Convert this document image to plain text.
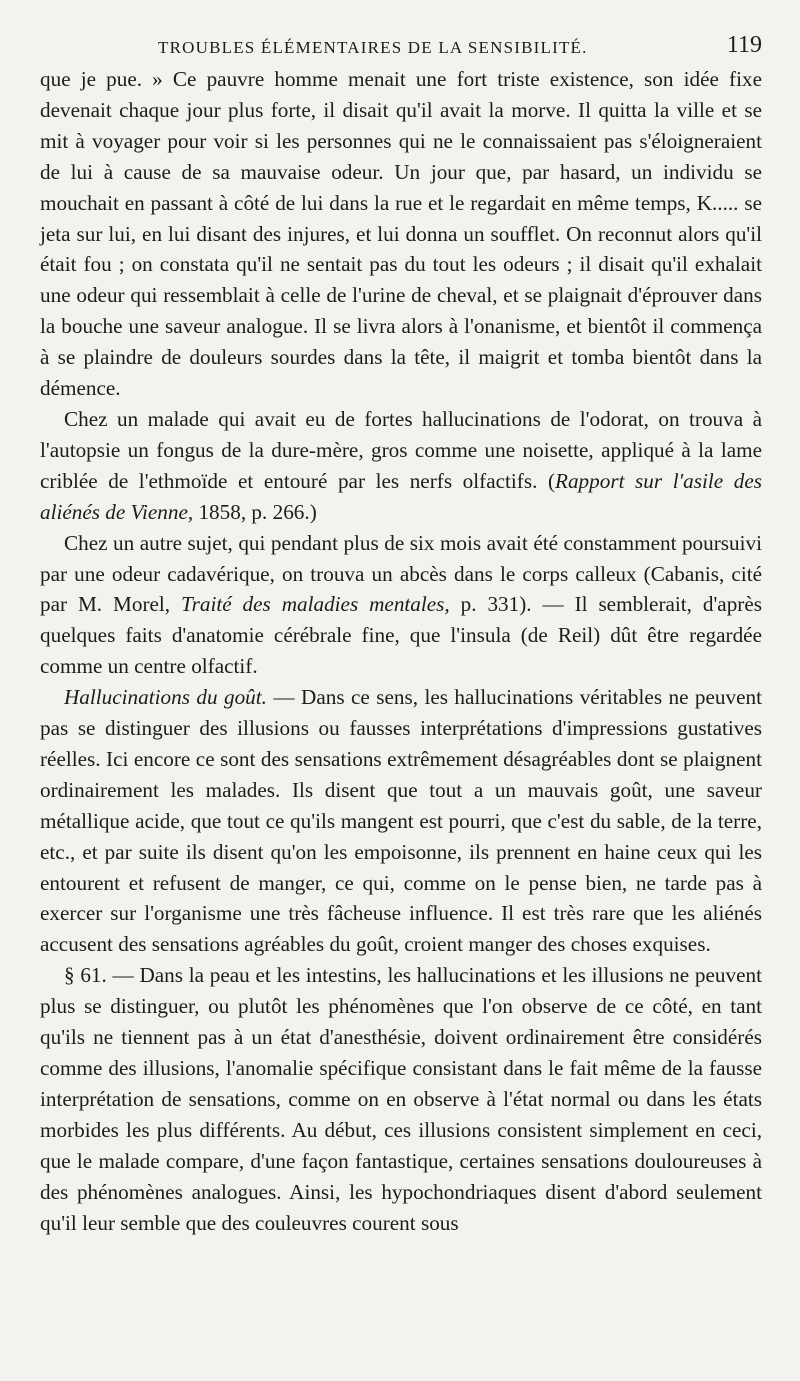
TROUBLES ÉLÉMENTAIRES DE LA SENSIBILITÉ.	119

que je pue. » Ce pauvre homme menait une fort triste existence, son idée fixe devenait chaque jour plus forte, il disait qu'il avait la morve. Il quitta la ville et se mit à voyager pour voir si les personnes qui ne le connaissaient pas s'éloigneraient de lui à cause de sa mauvaise odeur. Un jour que, par hasard, un individu se mouchait en passant à côté de lui dans la rue et le regardait en même temps, K..... se jeta sur lui, en lui disant des injures, et lui donna un soufflet. On reconnut alors qu'il était fou ; on constata qu'il ne sentait pas du tout les odeurs ; il disait qu'il exhalait une odeur qui ressemblait à celle de l'urine de cheval, et se plaignait d'éprouver dans la bouche une saveur analogue. Il se livra alors à l'onanisme, et bientôt il commença à se plaindre de douleurs sourdes dans la tête, il maigrit et tomba bientôt dans la démence.

Chez un malade qui avait eu de fortes hallucinations de l'odorat, on trouva à l'autopsie un fongus de la dure-mère, gros comme une noisette, appliqué à la lame criblée de l'ethmoïde et entouré par les nerfs olfactifs. (Rapport sur l'asile des aliénés de Vienne, 1858, p. 266.)

Chez un autre sujet, qui pendant plus de six mois avait été constamment poursuivi par une odeur cadavérique, on trouva un abcès dans le corps calleux (Cabanis, cité par M. Morel, Traité des maladies mentales, p. 331). — Il semblerait, d'après quelques faits d'anatomie cérébrale fine, que l'insula (de Reil) dût être regardée comme un centre olfactif.

Hallucinations du goût. — Dans ce sens, les hallucinations véritables ne peuvent pas se distinguer des illusions ou fausses interprétations d'impressions gustatives réelles. Ici encore ce sont des sensations extrêmement désagréables dont se plaignent ordinairement les malades. Ils disent que tout a un mauvais goût, une saveur métallique acide, que tout ce qu'ils mangent est pourri, que c'est du sable, de la terre, etc., et par suite ils disent qu'on les empoisonne, ils prennent en haine ceux qui les entourent et refusent de manger, ce qui, comme on le pense bien, ne tarde pas à exercer sur l'organisme une très fâcheuse influence. Il est très rare que les aliénés accusent des sensations agréables du goût, croient manger des choses exquises.

§ 61. — Dans la peau et les intestins, les hallucinations et les illusions ne peuvent plus se distinguer, ou plutôt les phénomènes que l'on observe de ce côté, en tant qu'ils ne tiennent pas à un état d'anesthésie, doivent ordinairement être considérés comme des illusions, l'anomalie spécifique consistant dans le fait même de la fausse interprétation de sensations, comme on en observe à l'état normal ou dans les états morbides les plus différents. Au début, ces illusions consistent simplement en ceci, que le malade compare, d'une façon fantastique, certaines sensations douloureuses à des phénomènes analogues. Ainsi, les hypochondriaques disent d'abord seulement qu'il leur semble que des couleuvres courent sous
